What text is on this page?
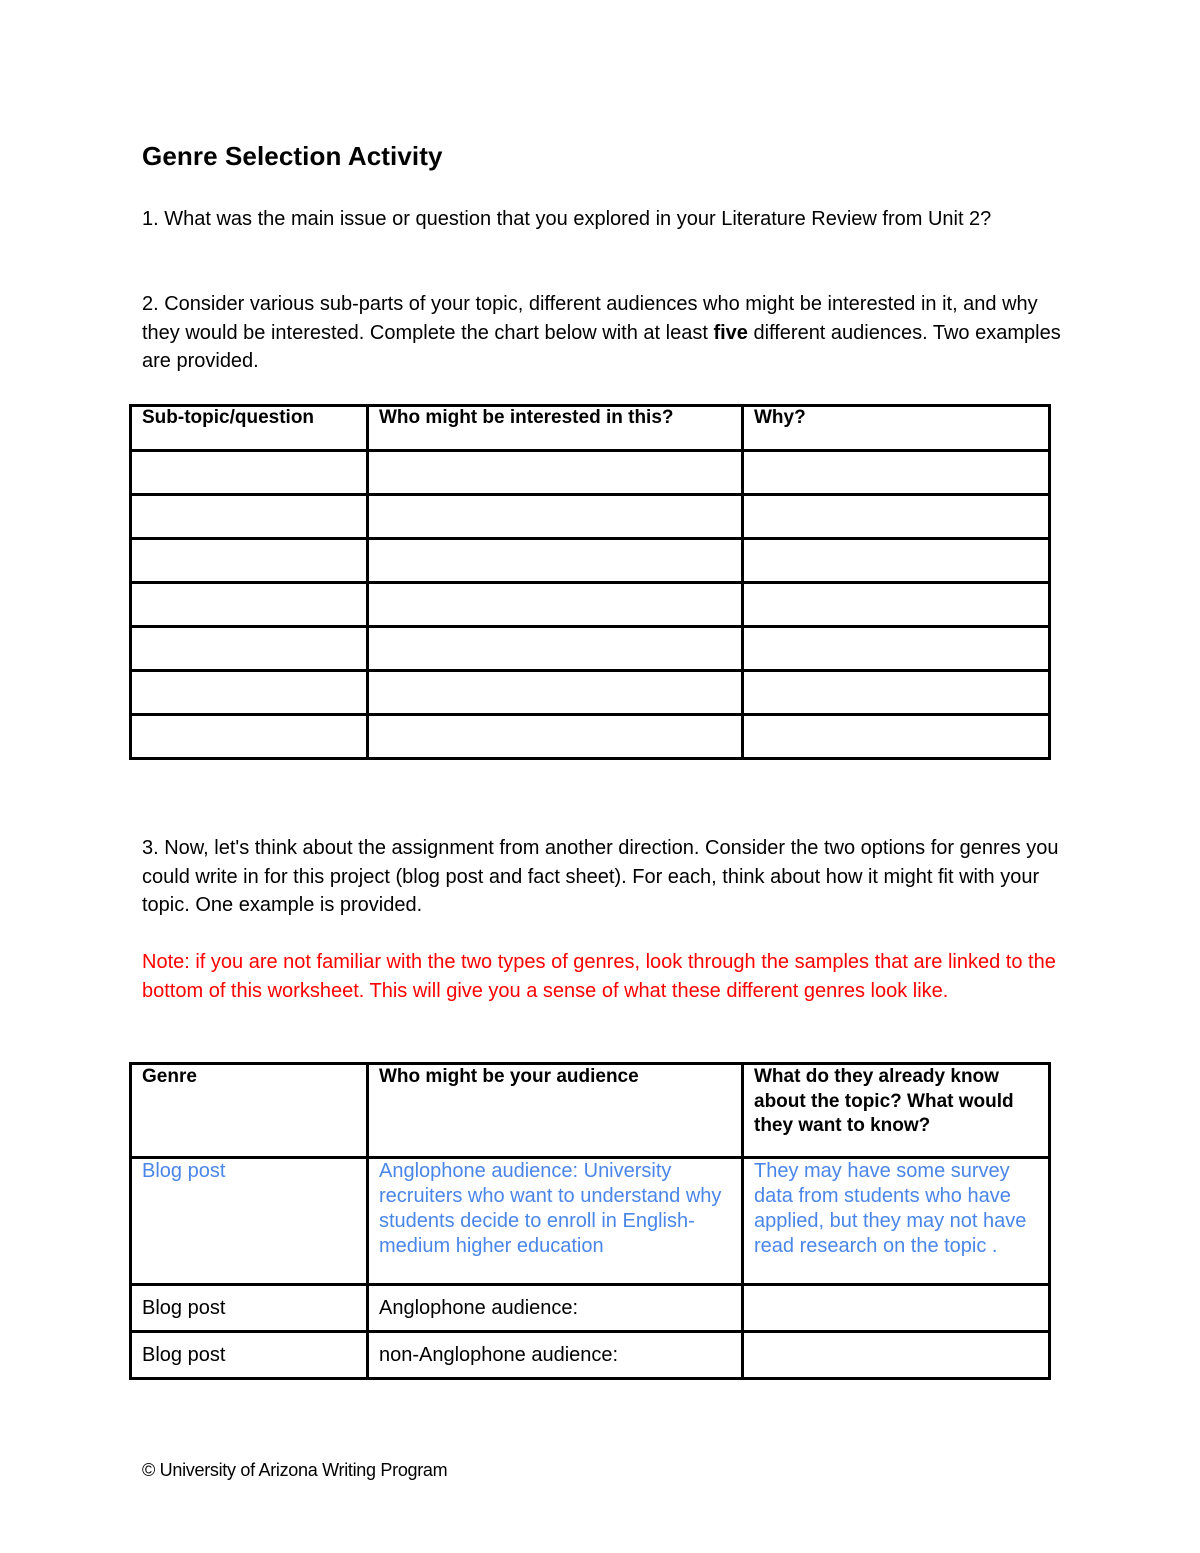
Genre Selection Activity

1. What was the main issue or question that you explored in your Literature Review from Unit 2?

2. Consider various sub-parts of your topic, different audiences who might be interested in it, and why they would be interested. Complete the chart below with at least five different audiences. Two examples are provided.

Sub-topic/question	Who might be interested in this?	Why?

3. Now, let's think about the assignment from another direction. Consider the two options for genres you could write in for this project (blog post and fact sheet). For each, think about how it might fit with your topic. One example is provided.

Note: if you are not familiar with the two types of genres, look through the samples that are linked to the bottom of this worksheet. This will give you a sense of what these different genres look like.

Genre	Who might be your audience	What do they already know about the topic? What would they want to know?
Blog post	Anglophone audience: University recruiters who want to understand why students decide to enroll in English-medium higher education	They may have some survey data from students who have applied, but they may not have read research on the topic .
Blog post	Anglophone audience:	
Blog post	non-Anglophone audience:	

© University of Arizona Writing Program
